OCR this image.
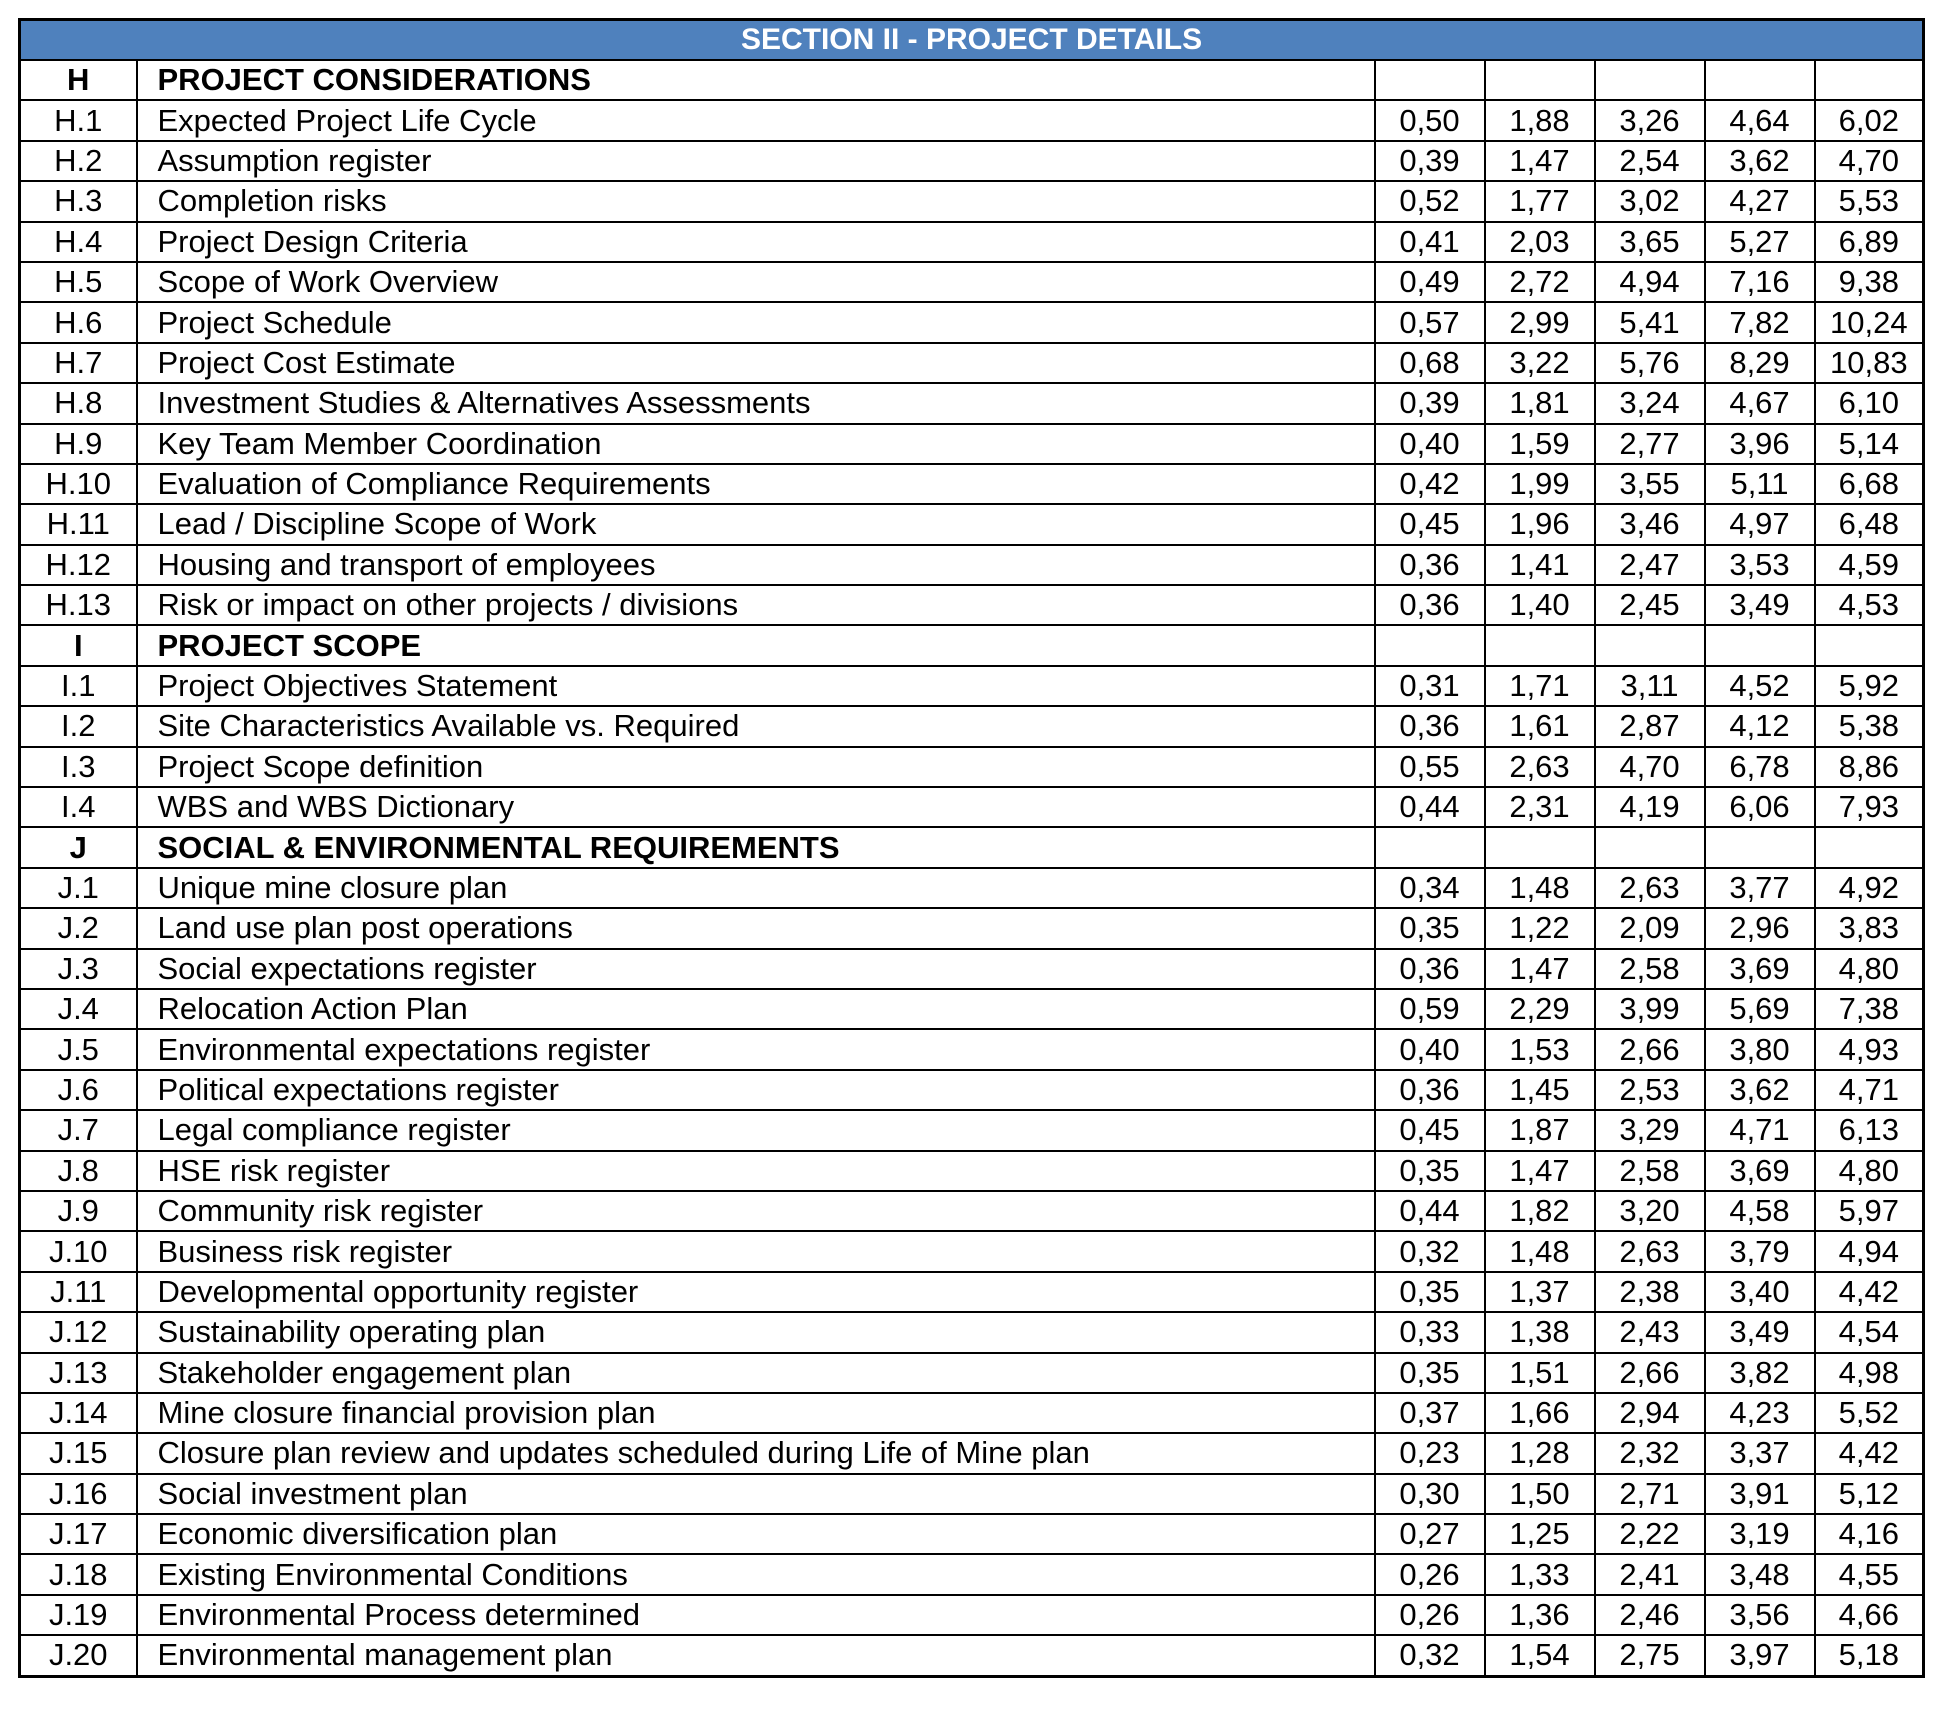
SECTION II - PROJECT DETAILS						
H	PROJECT CONSIDERATIONS					
H.1	Expected Project Life Cycle	0,50	1,88	3,26	4,64	6,02
H.2	Assumption register	0,39	1,47	2,54	3,62	4,70
H.3	Completion risks	0,52	1,77	3,02	4,27	5,53
H.4	Project Design Criteria	0,41	2,03	3,65	5,27	6,89
H.5	Scope of Work Overview	0,49	2,72	4,94	7,16	9,38
H.6	Project Schedule	0,57	2,99	5,41	7,82	10,24
H.7	Project Cost Estimate	0,68	3,22	5,76	8,29	10,83
H.8	Investment Studies & Alternatives Assessments	0,39	1,81	3,24	4,67	6,10
H.9	Key Team Member Coordination	0,40	1,59	2,77	3,96	5,14
H.10	Evaluation of Compliance Requirements	0,42	1,99	3,55	5,11	6,68
H.11	Lead / Discipline Scope of Work	0,45	1,96	3,46	4,97	6,48
H.12	Housing and transport of employees	0,36	1,41	2,47	3,53	4,59
H.13	Risk or impact on other projects / divisions	0,36	1,40	2,45	3,49	4,53
I	PROJECT SCOPE					
I.1	Project Objectives Statement	0,31	1,71	3,11	4,52	5,92
I.2	Site Characteristics Available vs. Required	0,36	1,61	2,87	4,12	5,38
I.3	Project Scope definition	0,55	2,63	4,70	6,78	8,86
I.4	WBS and WBS Dictionary	0,44	2,31	4,19	6,06	7,93
J	SOCIAL & ENVIRONMENTAL REQUIREMENTS					
J.1	Unique mine closure plan	0,34	1,48	2,63	3,77	4,92
J.2	Land use plan post operations	0,35	1,22	2,09	2,96	3,83
J.3	Social expectations register	0,36	1,47	2,58	3,69	4,80
J.4	Relocation Action Plan	0,59	2,29	3,99	5,69	7,38
J.5	Environmental expectations register	0,40	1,53	2,66	3,80	4,93
J.6	Political expectations register	0,36	1,45	2,53	3,62	4,71
J.7	Legal compliance register	0,45	1,87	3,29	4,71	6,13
J.8	HSE risk register	0,35	1,47	2,58	3,69	4,80
J.9	Community risk register	0,44	1,82	3,20	4,58	5,97
J.10	Business risk register	0,32	1,48	2,63	3,79	4,94
J.11	Developmental opportunity register	0,35	1,37	2,38	3,40	4,42
J.12	Sustainability operating plan	0,33	1,38	2,43	3,49	4,54
J.13	Stakeholder engagement plan	0,35	1,51	2,66	3,82	4,98
J.14	Mine closure financial provision plan	0,37	1,66	2,94	4,23	5,52
J.15	Closure plan review and updates scheduled during Life of Mine plan	0,23	1,28	2,32	3,37	4,42
J.16	Social investment plan	0,30	1,50	2,71	3,91	5,12
J.17	Economic diversification plan	0,27	1,25	2,22	3,19	4,16
J.18	Existing Environmental Conditions	0,26	1,33	2,41	3,48	4,55
J.19	Environmental Process determined	0,26	1,36	2,46	3,56	4,66
J.20	Environmental management plan	0,32	1,54	2,75	3,97	5,18
